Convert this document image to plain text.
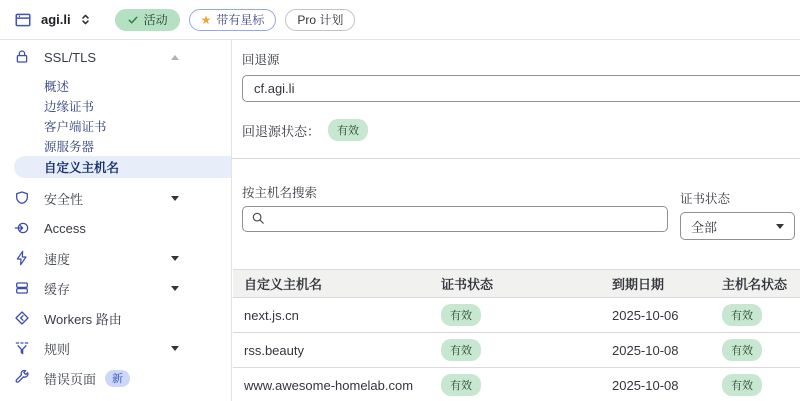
agi.li	活动	★ 带有星标	Pro 计划
SSL/TLS
概述
边缘证书
客户端证书
源服务器
自定义主机名
安全性
Access
速度
缓存
Workers 路由
规则
错误页面	新
回退源
cf.agi.li
回退源状态：	有效
按主机名搜索	证书状态
全部
自定义主机名	证书状态	到期日期	主机名状态
next.js.cn	有效	2025-10-06	有效
rss.beauty	有效	2025-10-08	有效
www.awesome-homelab.com	有效	2025-10-08	有效
